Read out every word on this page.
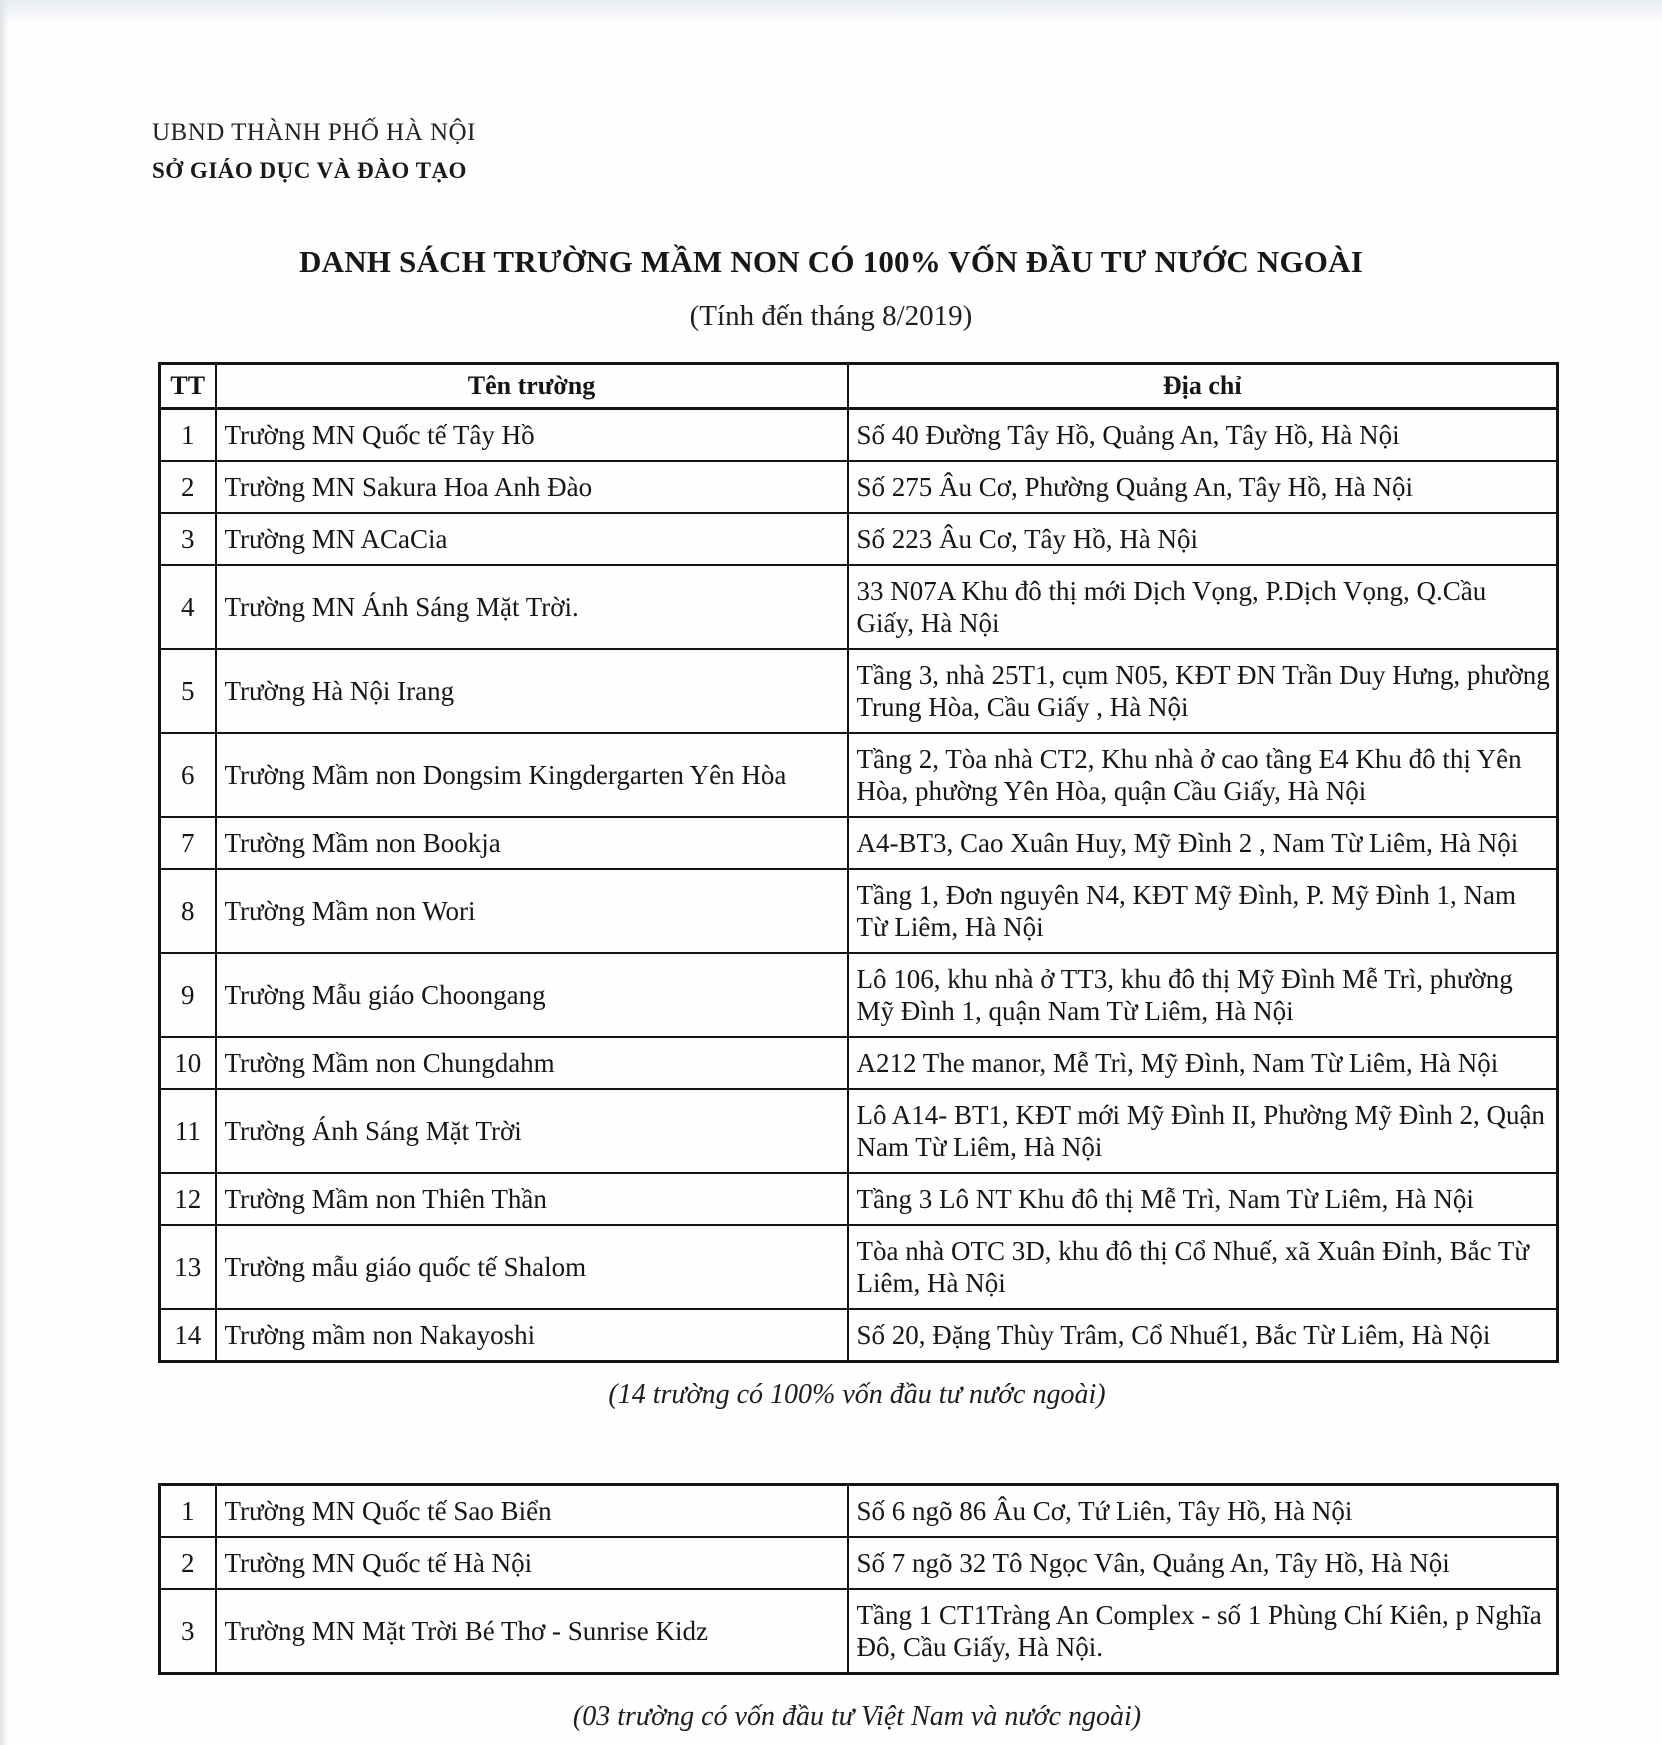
UBND THÀNH PHỐ HÀ NỘI
SỞ GIÁO DỤC VÀ ĐÀO TẠO
DANH SÁCH TRƯỜNG MẦM NON CÓ 100% VỐN ĐẦU TƯ NƯỚC NGOÀI
(Tính đến tháng 8/2019)
TT	Tên trường	Địa chỉ
1	Trường MN Quốc tế Tây Hồ	Số 40 Đường Tây Hồ, Quảng An, Tây Hồ, Hà Nội
2	Trường MN Sakura Hoa Anh Đào	Số 275 Âu Cơ, Phường Quảng An, Tây Hồ, Hà Nội
3	Trường MN ACaCia	Số 223 Âu Cơ, Tây Hồ, Hà Nội
4	Trường MN Ánh Sáng Mặt Trời.	33 N07A Khu đô thị mới Dịch Vọng, P.Dịch Vọng, Q.Cầu Giấy, Hà Nội
5	Trường Hà Nội Irang	Tầng 3, nhà 25T1, cụm N05, KĐT ĐN Trần Duy Hưng, phường Trung Hòa, Cầu Giấy , Hà Nội
6	Trường Mầm non Dongsim Kingdergarten Yên Hòa	Tầng 2, Tòa nhà CT2, Khu nhà ở cao tầng E4 Khu đô thị Yên Hòa, phường Yên Hòa, quận Cầu Giấy, Hà Nội
7	Trường Mầm non Bookja	A4-BT3, Cao Xuân Huy, Mỹ Đình 2 , Nam Từ Liêm, Hà Nội
8	Trường Mầm non Wori	Tầng 1, Đơn nguyên N4, KĐT Mỹ Đình, P. Mỹ Đình 1, Nam Từ Liêm, Hà Nội
9	Trường Mẫu giáo Choongang	Lô 106, khu nhà ở TT3, khu đô thị Mỹ Đình Mễ Trì, phường Mỹ Đình 1, quận Nam Từ Liêm, Hà Nội
10	Trường Mầm non Chungdahm	A212 The manor, Mễ Trì, Mỹ Đình, Nam Từ Liêm, Hà Nội
11	Trường Ánh Sáng Mặt Trời	Lô A14- BT1, KĐT mới Mỹ Đình II, Phường Mỹ Đình 2, Quận Nam Từ Liêm, Hà Nội
12	Trường Mầm non Thiên Thần	Tầng 3 Lô NT Khu đô thị Mễ Trì, Nam Từ Liêm, Hà Nội
13	Trường mẫu giáo quốc tế Shalom	Tòa nhà OTC 3D, khu đô thị Cổ Nhuế, xã Xuân Đỉnh, Bắc Từ Liêm, Hà Nội
14	Trường mầm non Nakayoshi	Số 20, Đặng Thùy Trâm, Cổ Nhuế1, Bắc Từ Liêm, Hà Nội
(14 trường có 100% vốn đầu tư nước ngoài)
1	Trường MN Quốc tế Sao Biển	Số 6 ngõ 86 Âu Cơ, Tứ Liên, Tây Hồ, Hà Nội
2	Trường MN Quốc tế Hà Nội	Số 7 ngõ 32 Tô Ngọc Vân, Quảng An, Tây Hồ, Hà Nội
3	Trường MN Mặt Trời Bé Thơ - Sunrise Kidz	Tầng 1 CT1Tràng An Complex - số 1 Phùng Chí Kiên, p Nghĩa Đô, Cầu Giấy, Hà Nội.
(03 trường có vốn đầu tư Việt Nam và nước ngoài)
